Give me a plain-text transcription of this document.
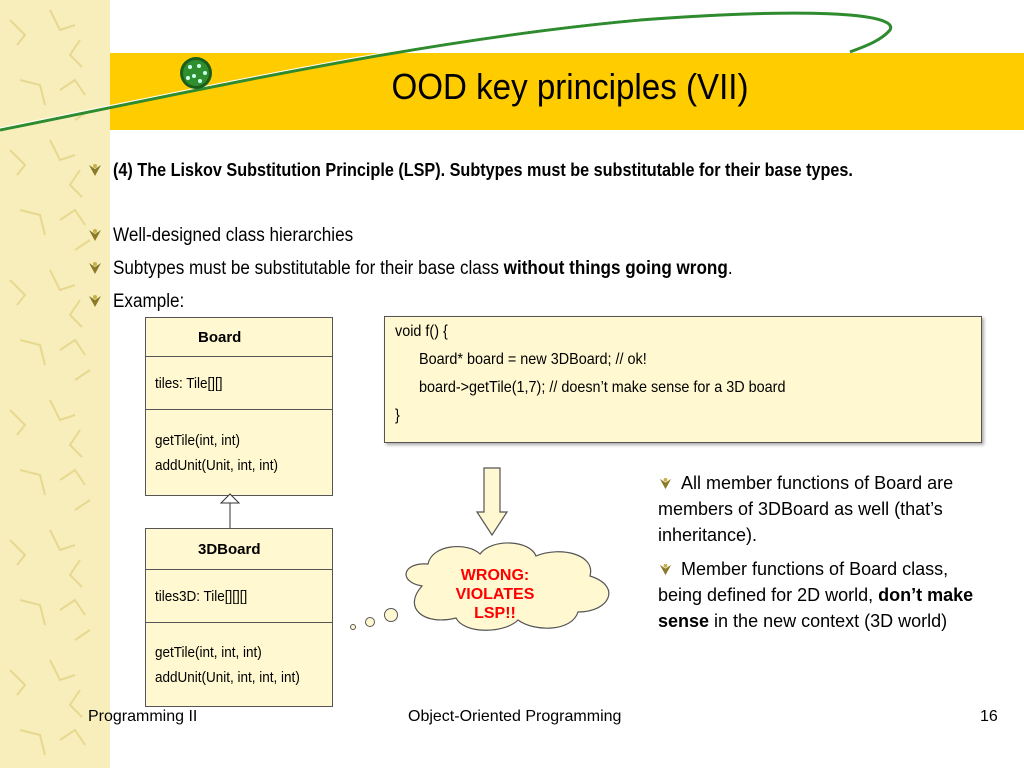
OOD key principles (VII)
(4) The Liskov Substitution Principle (LSP). Subtypes must be substitutable for their base types.
Well-designed class hierarchies
Subtypes must be substitutable for their base class without things going wrong.
Example:
Board
tiles: Tile[][]
getTile(int, int)
addUnit(Unit, int, int)
3DBoard
tiles3D: Tile[][][]
getTile(int, int, int)
addUnit(Unit, int, int, int)
void f() {
Board* board = new 3DBoard; // ok!
board->getTile(1,7); // doesn’t make sense for a 3D board
}
WRONG:
VIOLATES
LSP!!

All member functions of Board are members of 3DBoard as well (that’s inheritance).

Member functions of Board class, being defined for 2D world, don’t make sense in the new context (3D world)

Programming II	Object-Oriented Programming	16
